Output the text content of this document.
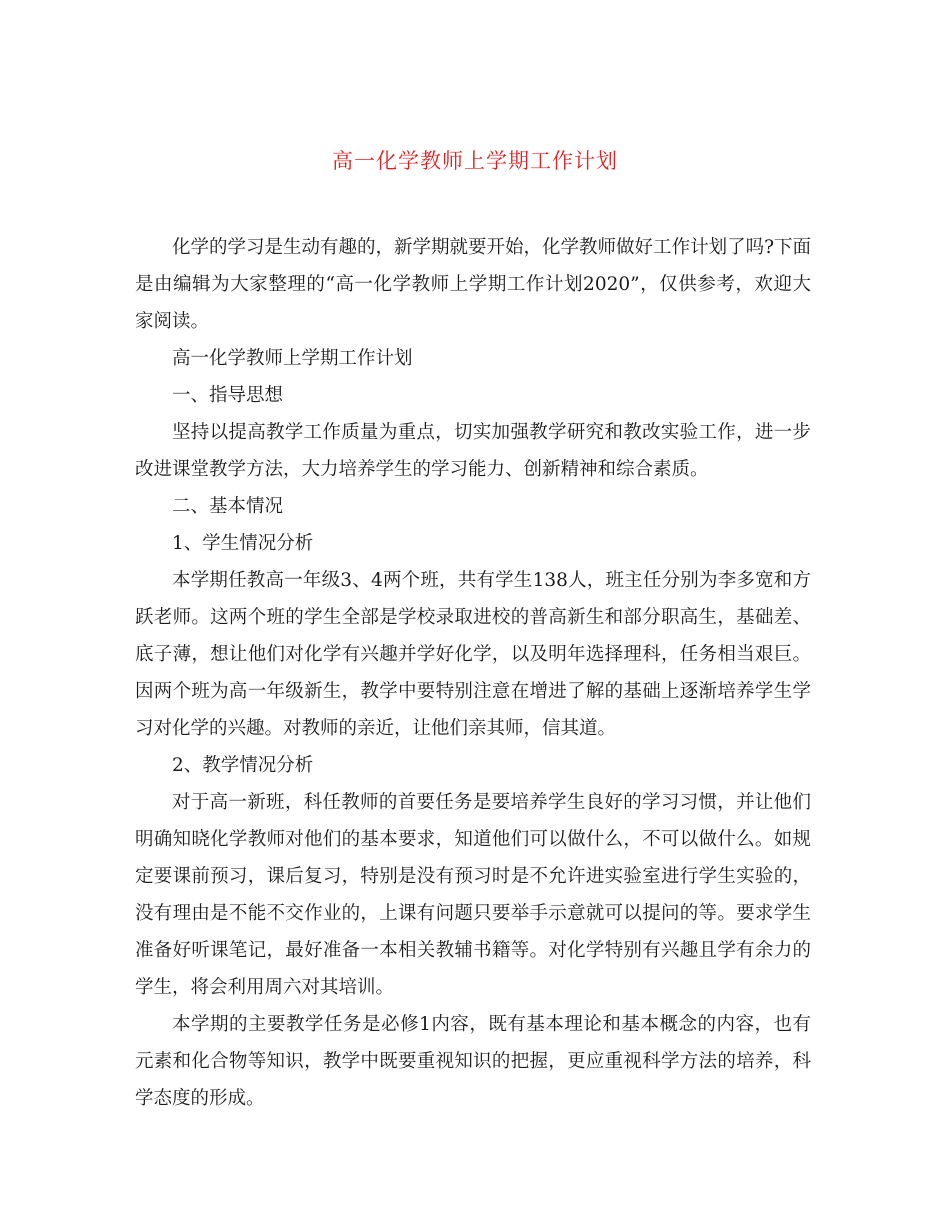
高一化学教师上学期工作计划

化学的学习是生动有趣的，新学期就要开始，化学教师做好工作计划了吗?下面是由编辑为大家整理的“高一化学教师上学期工作计划2020”，仅供参考，欢迎大家阅读。

高一化学教师上学期工作计划

一、指导思想

坚持以提高教学工作质量为重点，切实加强教学研究和教改实验工作，进一步改进课堂教学方法，大力培养学生的学习能力、创新精神和综合素质。

二、基本情况

1、学生情况分析

本学期任教高一年级3、4两个班，共有学生138人，班主任分别为李多宽和方跃老师。这两个班的学生全部是学校录取进校的普高新生和部分职高生，基础差、底子薄，想让他们对化学有兴趣并学好化学，以及明年选择理科，任务相当艰巨。因两个班为高一年级新生，教学中要特别注意在增进了解的基础上逐渐培养学生学习对化学的兴趣。对教师的亲近，让他们亲其师，信其道。

2、教学情况分析

对于高一新班，科任教师的首要任务是要培养学生良好的学习习惯，并让他们明确知晓化学教师对他们的基本要求，知道他们可以做什么，不可以做什么。如规定要课前预习，课后复习，特别是没有预习时是不允许进实验室进行学生实验的，没有理由是不能不交作业的，上课有问题只要举手示意就可以提问的等。要求学生准备好听课笔记，最好准备一本相关教辅书籍等。对化学特别有兴趣且学有余力的学生，将会利用周六对其培训。

本学期的主要教学任务是必修1内容，既有基本理论和基本概念的内容，也有元素和化合物等知识，教学中既要重视知识的把握，更应重视科学方法的培养，科学态度的形成。
